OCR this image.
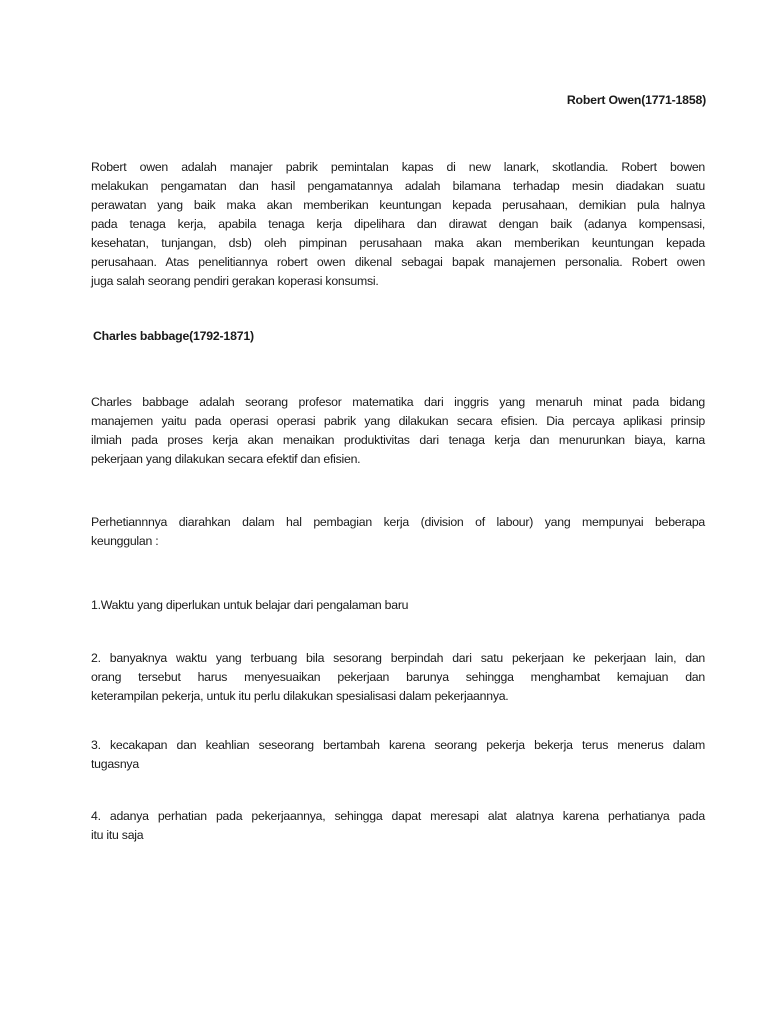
Robert Owen(1771-1858)
Robert owen adalah manajer pabrik pemintalan kapas di new lanark, skotlandia. Robert bowen
melakukan pengamatan dan hasil pengamatannya adalah bilamana terhadap mesin diadakan suatu
perawatan yang baik maka akan memberikan keuntungan kepada perusahaan, demikian pula halnya
pada tenaga kerja, apabila tenaga kerja dipelihara dan dirawat dengan baik (adanya kompensasi,
kesehatan, tunjangan, dsb) oleh pimpinan perusahaan maka akan memberikan keuntungan kepada
perusahaan. Atas penelitiannya robert owen dikenal sebagai bapak manajemen personalia. Robert owen
juga salah seorang pendiri gerakan koperasi konsumsi.
Charles babbage(1792-1871)
Charles babbage adalah seorang profesor matematika dari inggris yang menaruh minat pada bidang
manajemen yaitu pada operasi operasi pabrik yang dilakukan secara efisien. Dia percaya aplikasi prinsip
ilmiah pada proses kerja akan menaikan produktivitas dari tenaga kerja dan menurunkan biaya, karna
pekerjaan yang dilakukan secara efektif dan efisien.
Perhetiannnya diarahkan dalam hal pembagian kerja (division of labour) yang mempunyai beberapa
keunggulan :
1.Waktu yang diperlukan untuk belajar dari pengalaman baru
2. banyaknya waktu yang terbuang bila sesorang berpindah dari satu pekerjaan ke pekerjaan lain, dan
orang tersebut harus menyesuaikan pekerjaan barunya sehingga menghambat kemajuan dan
keterampilan pekerja, untuk itu perlu dilakukan spesialisasi dalam pekerjaannya.
3. kecakapan dan keahlian seseorang bertambah karena seorang pekerja bekerja terus menerus dalam
tugasnya
4. adanya perhatian pada pekerjaannya, sehingga dapat meresapi alat alatnya karena perhatianya pada
itu itu saja
